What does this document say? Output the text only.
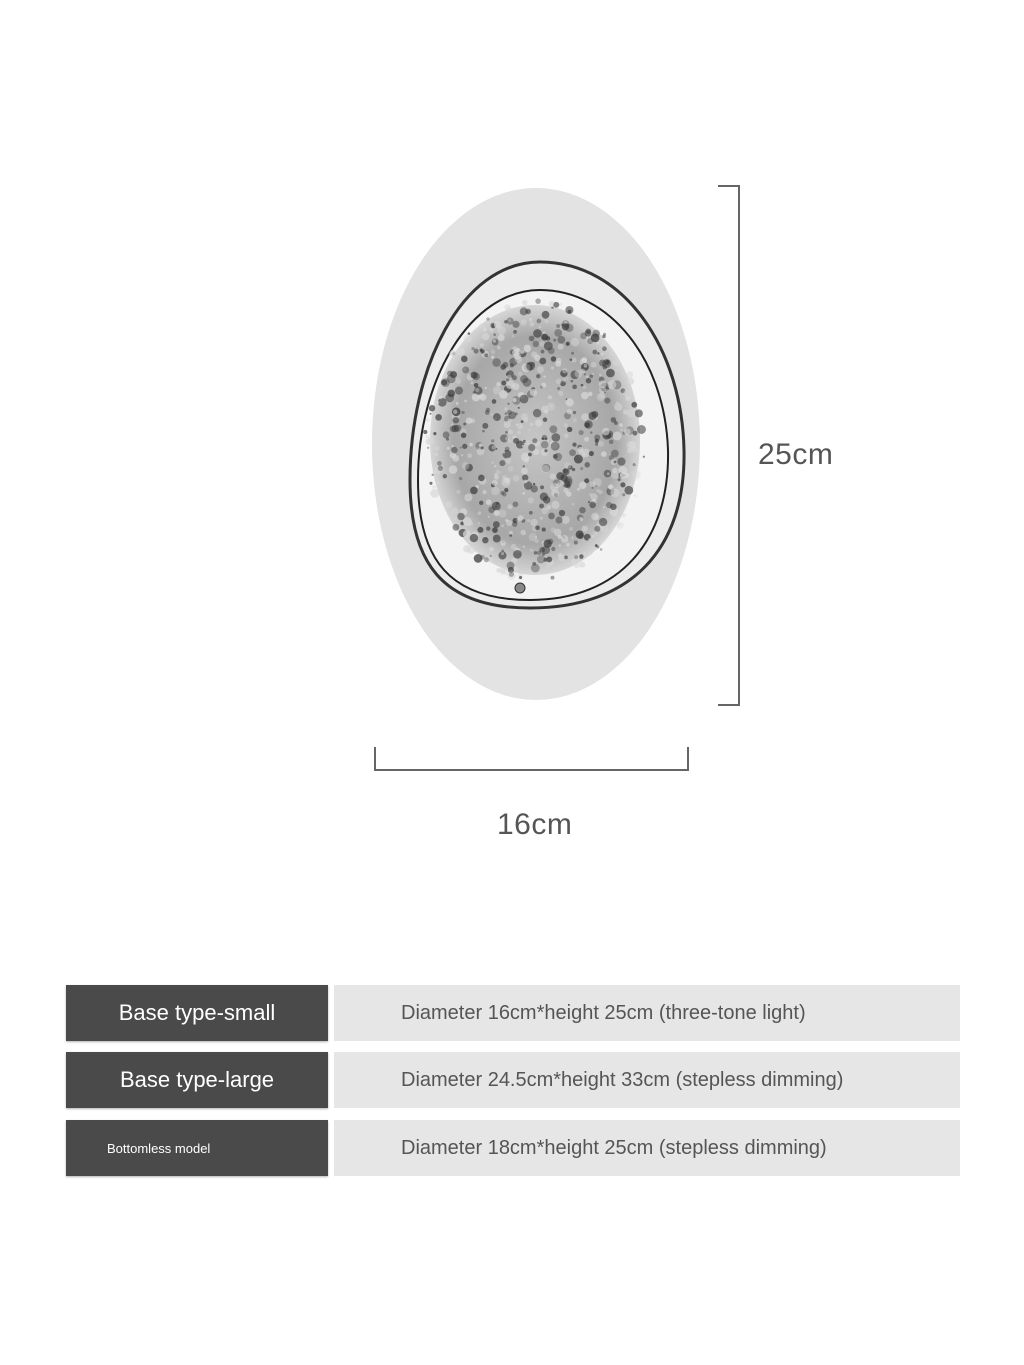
25cm
16cm
Base type-small	Diameter 16cm*height 25cm (three-tone light)
Base type-large	Diameter 24.5cm*height 33cm (stepless dimming)
Bottomless model	Diameter 18cm*height 25cm (stepless dimming)
